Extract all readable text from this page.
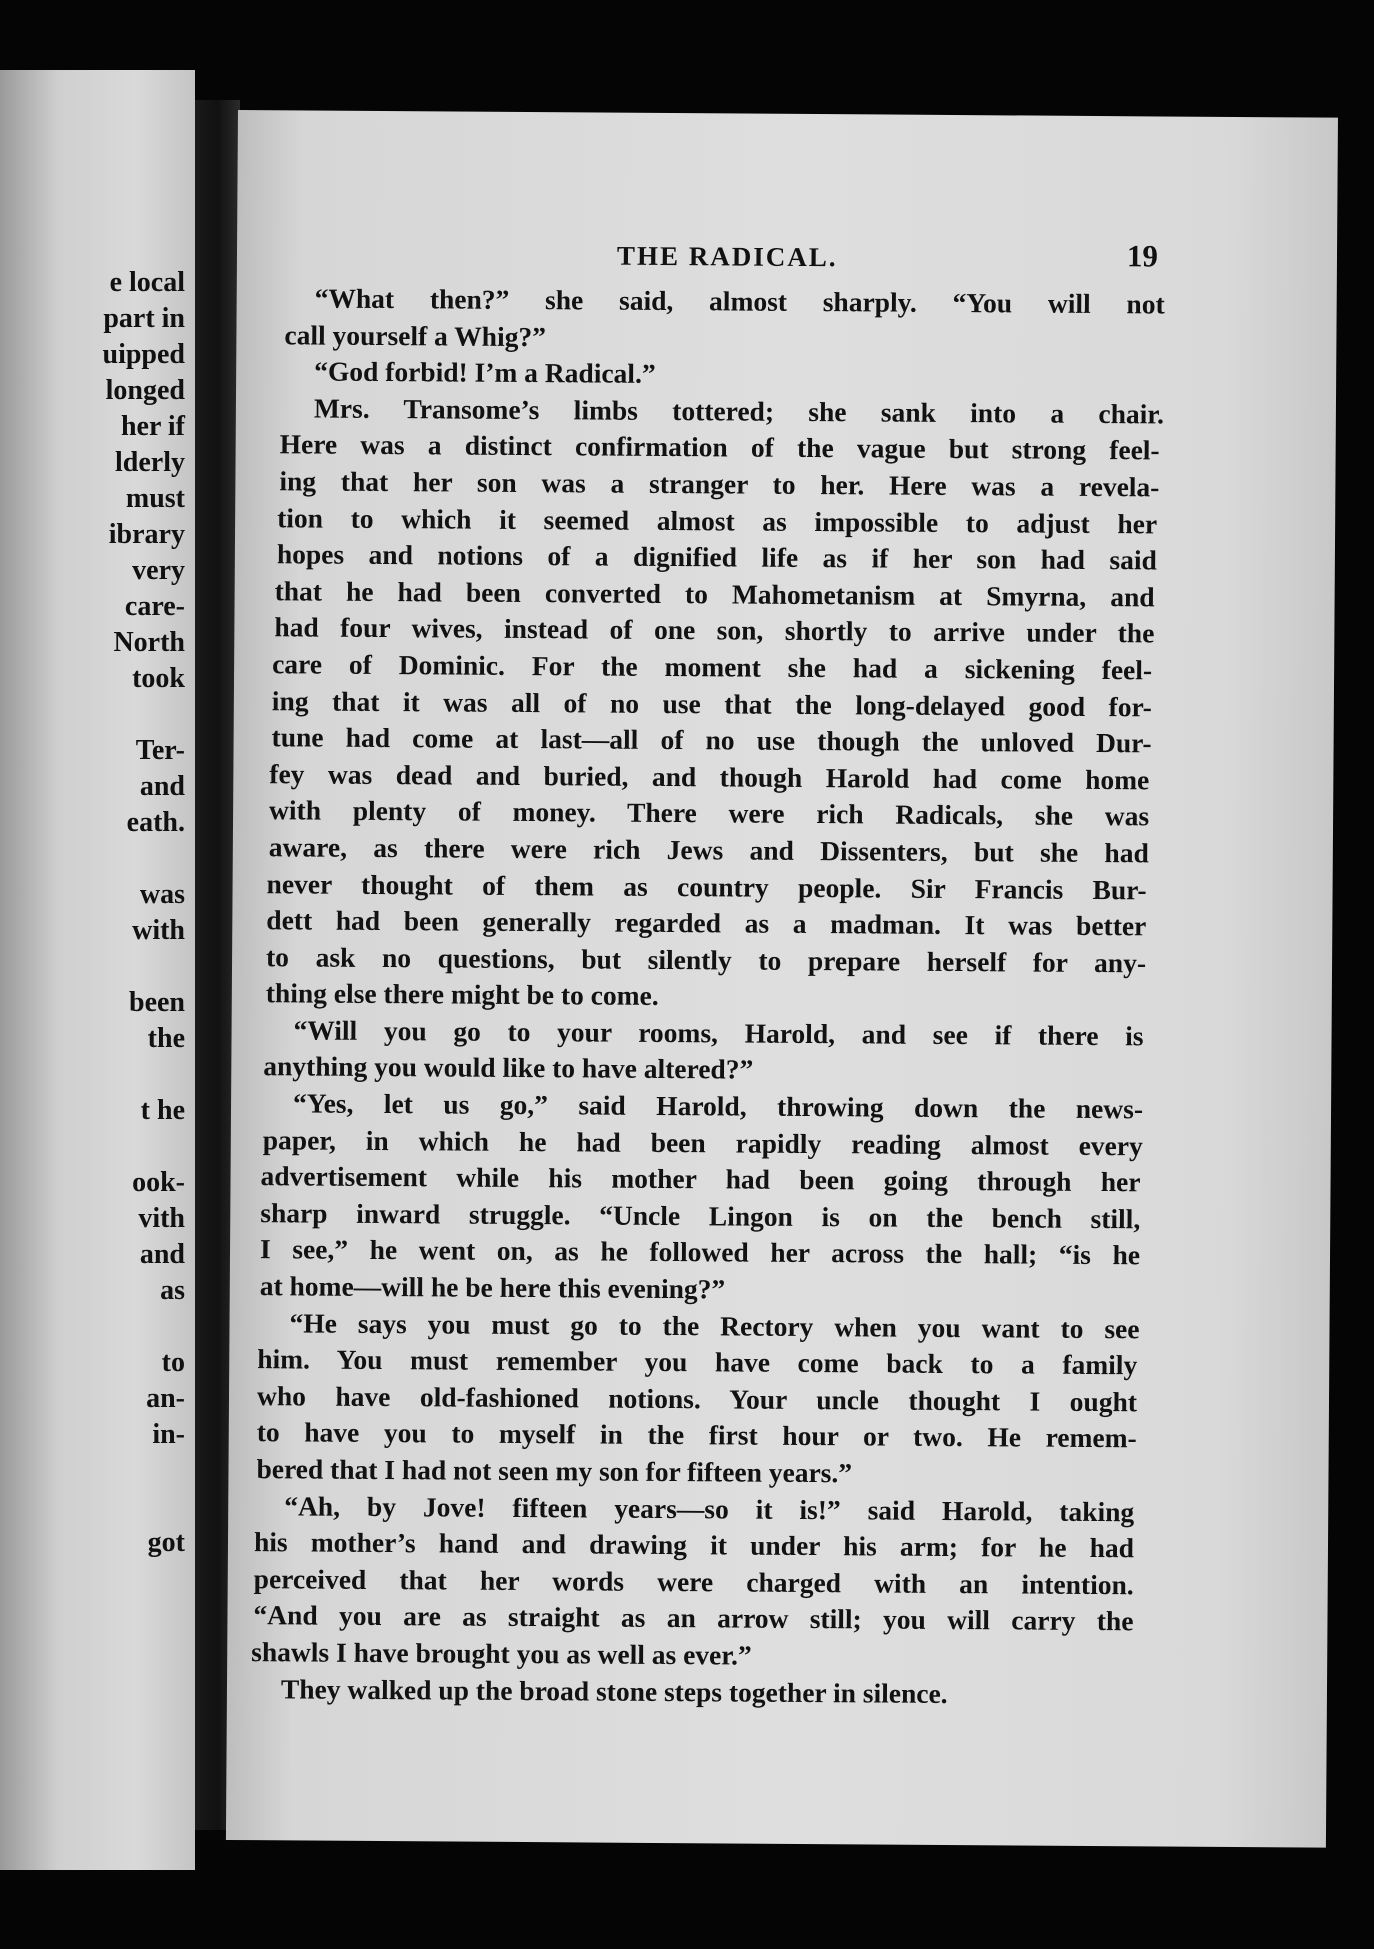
e local
part in
uipped
longed
her if
lderly
must
ibrary
very
care-
North
took
Ter-
and
eath.
was
with
been
the
t he
ook-
vith
and
as
to
an-
in-
got
THE RADICAL.	19
“What then?” she said, almost sharply. “You will not
call yourself a Whig?”
“God forbid! I’m a Radical.”
Mrs. Transome’s limbs tottered; she sank into a chair.
Here was a distinct confirmation of the vague but strong feel-
ing that her son was a stranger to her. Here was a revela-
tion to which it seemed almost as impossible to adjust her
hopes and notions of a dignified life as if her son had said
that he had been converted to Mahometanism at Smyrna, and
had four wives, instead of one son, shortly to arrive under the
care of Dominic. For the moment she had a sickening feel-
ing that it was all of no use that the long-delayed good for-
tune had come at last—all of no use though the unloved Dur-
fey was dead and buried, and though Harold had come home
with plenty of money. There were rich Radicals, she was
aware, as there were rich Jews and Dissenters, but she had
never thought of them as country people. Sir Francis Bur-
dett had been generally regarded as a madman. It was better
to ask no questions, but silently to prepare herself for any-
thing else there might be to come.
“Will you go to your rooms, Harold, and see if there is
anything you would like to have altered?”
“Yes, let us go,” said Harold, throwing down the news-
paper, in which he had been rapidly reading almost every
advertisement while his mother had been going through her
sharp inward struggle. “Uncle Lingon is on the bench still,
I see,” he went on, as he followed her across the hall; “is he
at home—will he be here this evening?”
“He says you must go to the Rectory when you want to see
him. You must remember you have come back to a family
who have old-fashioned notions. Your uncle thought I ought
to have you to myself in the first hour or two. He remem-
bered that I had not seen my son for fifteen years.”
“Ah, by Jove! fifteen years—so it is!” said Harold, taking
his mother’s hand and drawing it under his arm; for he had
perceived that her words were charged with an intention.
“And you are as straight as an arrow still; you will carry the
shawls I have brought you as well as ever.”
They walked up the broad stone steps together in silence.
